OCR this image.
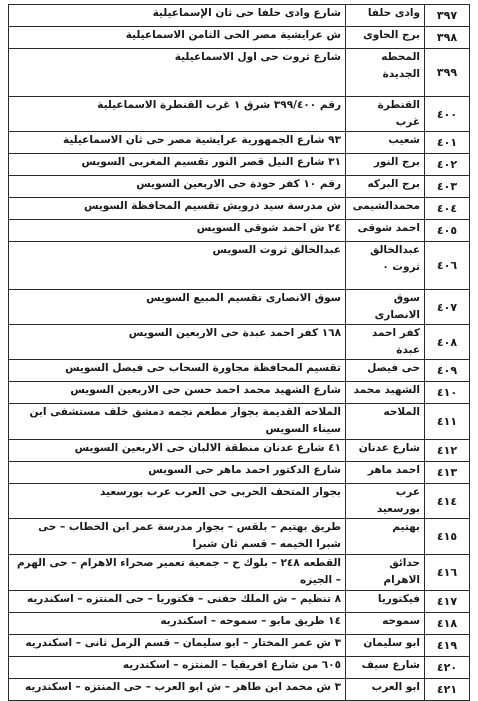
٣٩٧	وادى حلفا	شارع وادى حلفا حى ثان الإسماعيلية
٣٩٨	برج الحاوى	ش عرايشية مصر الحى الثامن الاسماعيلية
٣٩٩	المحطه الجديدة	شارع ثروت حى اول الاسماعيلية
٤٠٠	القنطرة غرب	رقم ٣٩٩/٤٠٠ شرق ١ غرب القنطرة الاسماعيلية
٤٠١	شعيب	٩٣ شارع الجمهورية عرايشية مصر حى ثان الاسماعيلية
٤٠٢	برج النور	٣١ شارع النيل قصر النور تقسيم المغربى السويس
٤٠٣	برج البركه	رقم ١٠ كفر حودة حى الاربعين السويس
٤٠٤	محمدالشيمى	ش مدرسة سيد درويش تقسيم المحافظة السويس
٤٠٥	احمد شوقى	٢٤ ش احمد شوقى السويس
٤٠٦	عبدالخالق ثروت ٠	عبدالخالق ثروت السويس
٤٠٧	سوق الانصارى	سوق الانصارى تقسيم المبيع السويس
٤٠٨	كفر احمد عبدة	١٦٨ كفر احمد عبدة حى الاربعين السويس
٤٠٩	حى فيصل	تقسيم المحافظة مجاورة السحاب حى فيصل السويس
٤١٠	الشهيد محمد	شارع الشهيد محمد احمد حسن حى الاربعين السويس
٤١١	الملاحه	الملاحه القديمة بجوار مطعم نجمه دمشق خلف مستشفى ابن سيناء السويس
٤١٢	شارع عدنان	٤١ شارع عدنان منطقة الالبان حى الاربعين السويس
٤١٣	احمد ماهر	شارع الدكتور احمد ماهر حى السويس
٤١٤	عرب بورسعيد	بجوار المتحف الحربى حى العرب عرب بورسعيد
٤١٥	بهتيم	طريق بهتيم – بلقس – بجوار مدرسة عمر ابن الخطاب – حى شبرا الخيمه – قسم ثان شبرا
٤١٦	حدائق الاهرام	القطعه ٢٤٨ – بلوك ح – جمعية تعمير صحراء الاهرام – حى الهرم – الجيزه
٤١٧	فيكتوريا	٨ تنظيم – ش الملك حفنى – فكتوريا – حى المنتزه – اسكندريه
٤١٨	سموحه	١٤ طريق مابو – سموحه – اسكندريه
٤١٩	ابو سليمان	٣ ش عمر المختار – ابو سليمان – قسم الرمل ثانى – اسكندريه
٤٢٠	شارع سيف	٦٠٥ من شارع افريقيا – المنتزه – اسكندريه
٤٢١	ابو العرب	٣ ش محمد ابن طاهر – ش ابو العرب – حى المنتزه – اسكندريه
